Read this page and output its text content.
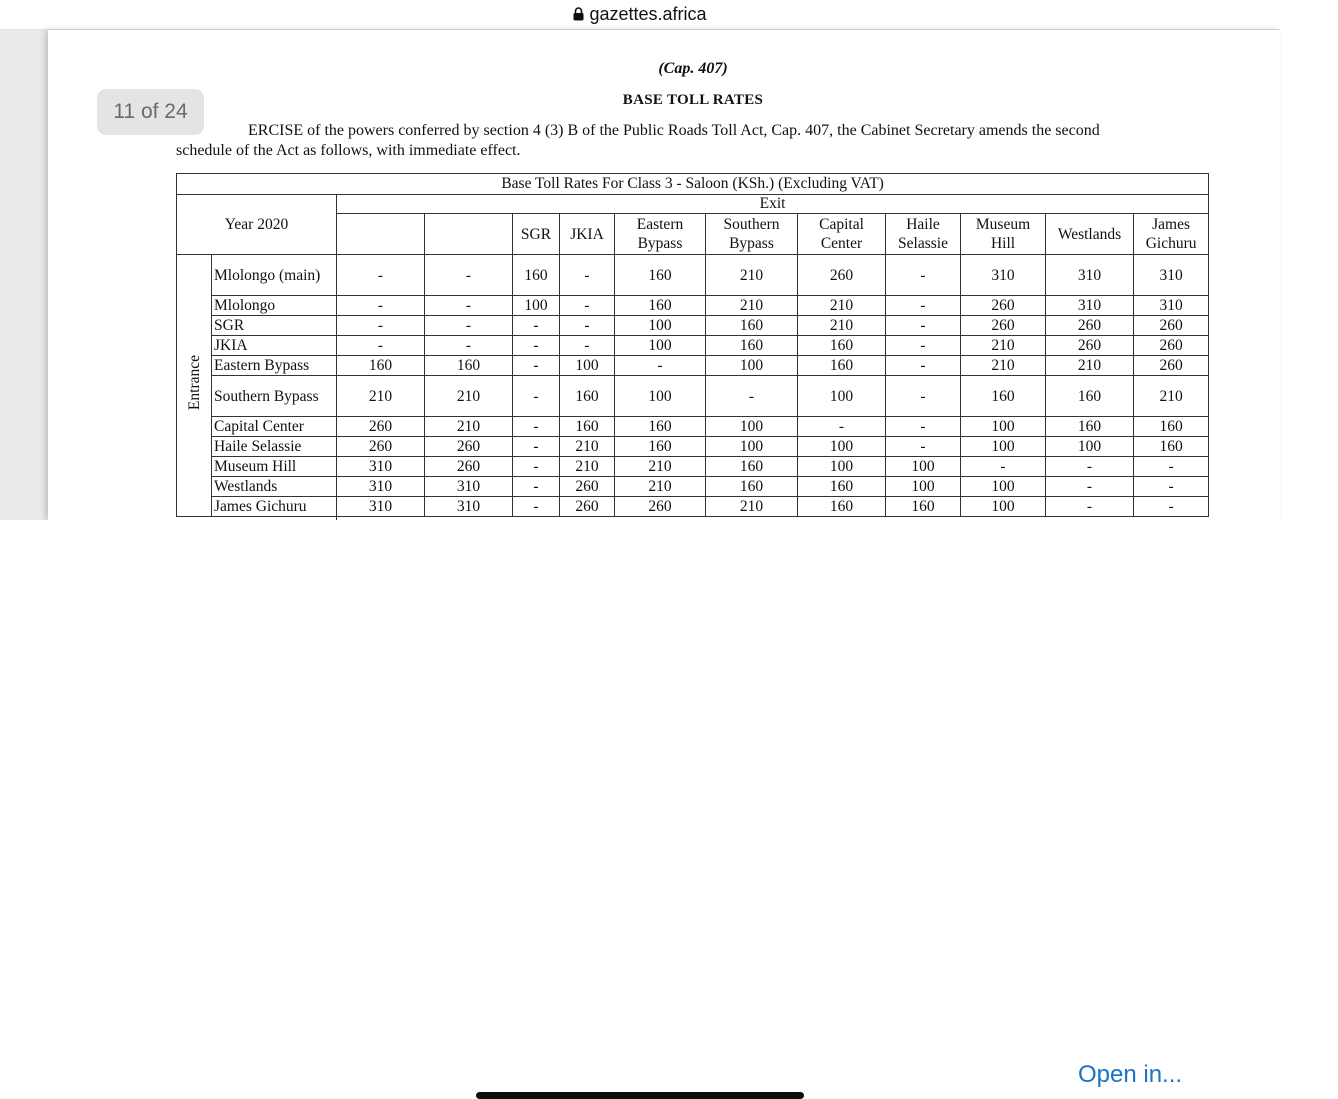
gazettes.africa
(Cap. 407)
BASE TOLL RATES
ERCISE of the powers conferred by section 4 (3) B of the Public Roads Toll Act, Cap. 407, the Cabinet Secretary amends the second
schedule of the Act as follows, with immediate effect.
Base Toll Rates For Class 3 - Saloon (KSh.) (Excluding VAT)												
Year 2020		Exit										
				SGR	JKIA	Eastern Bypass	Southern Bypass	Capital Center	Haile Selassie	Museum Hill	Westlands	James Gichuru
Entrance	Mlolongo (main)	-	-	160	-	160	210	260	-	310	310	310
	Mlolongo	-	-	100	-	160	210	210	-	260	310	310
	SGR	-	-	-	-	100	160	210	-	260	260	260
	JKIA	-	-	-	-	100	160	160	-	210	260	260
	Eastern Bypass	160	160	-	100	-	100	160	-	210	210	260
	Southern Bypass	210	210	-	160	100	-	100	-	160	160	210
	Capital Center	260	210	-	160	160	100	-	-	100	160	160
	Haile Selassie	260	260	-	210	160	100	100	-	100	100	160
	Museum Hill	310	260	-	210	210	160	100	100	-	-	-
	Westlands	310	310	-	260	210	160	160	100	100	-	-
	James Gichuru	310	310	-	260	260	210	160	160	100	-	-

11 of 24
Open in...
